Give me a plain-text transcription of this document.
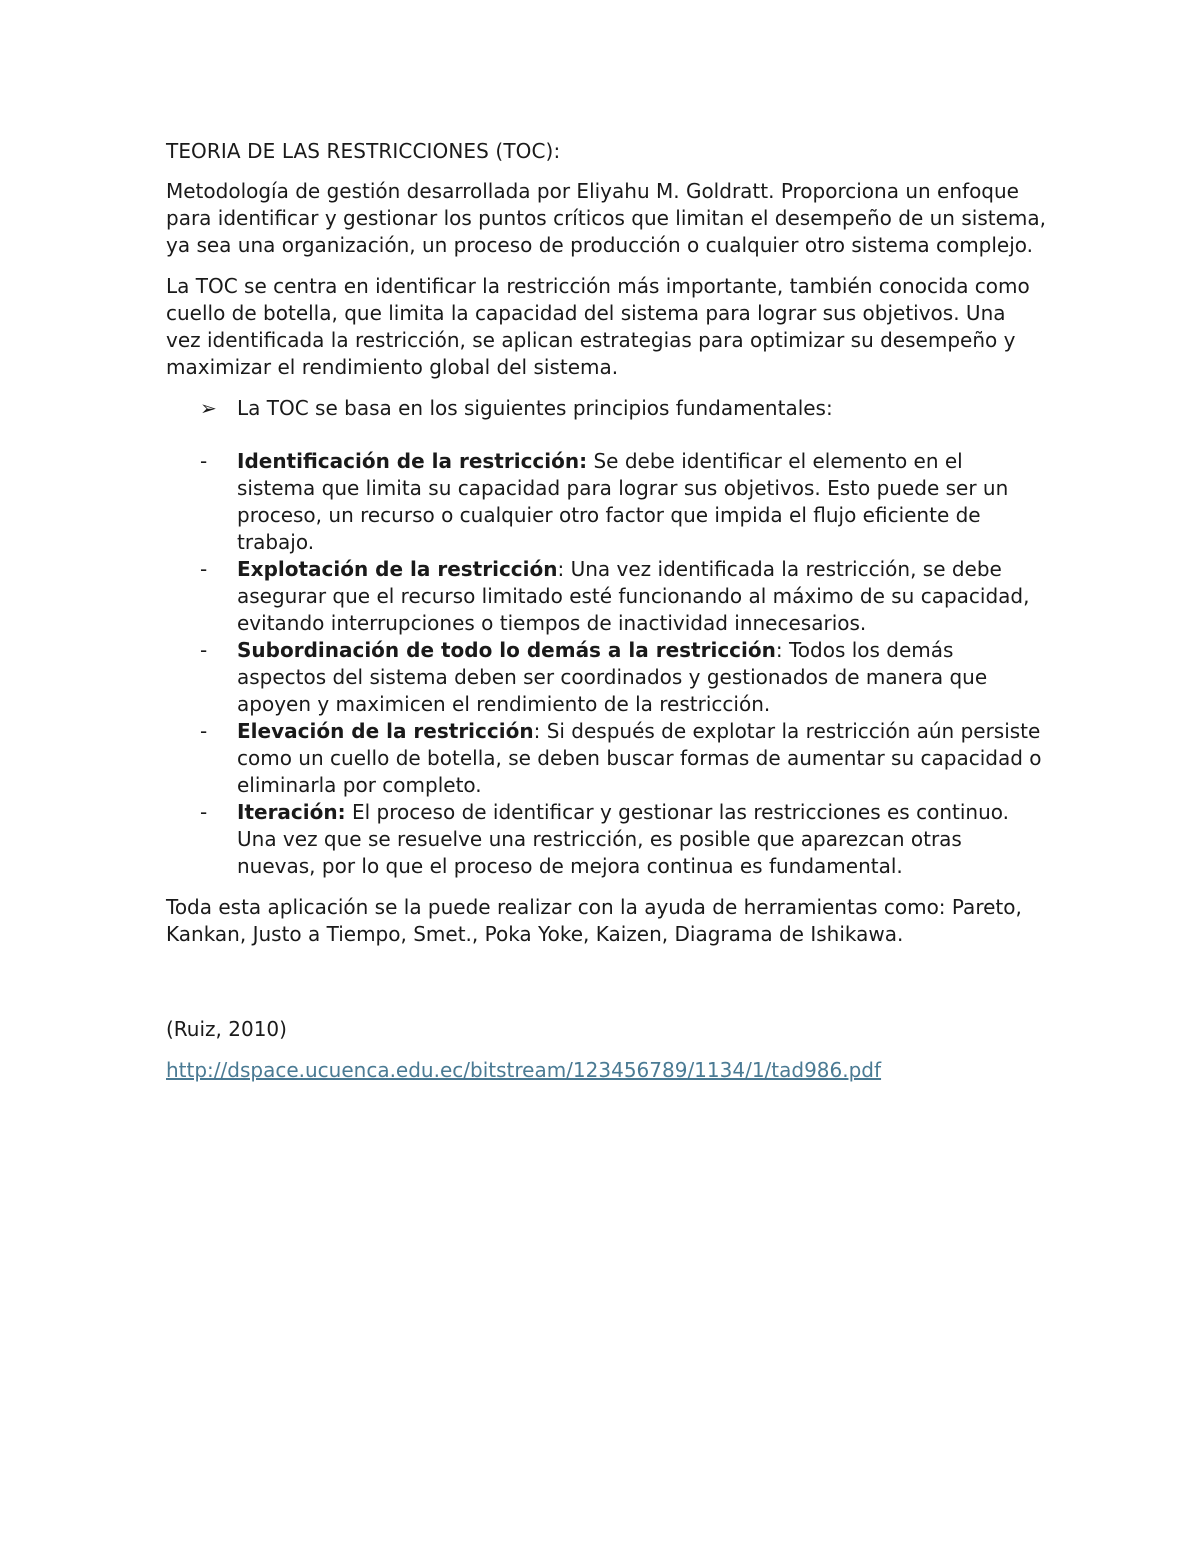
TEORIA DE LAS RESTRICCIONES (TOC):

Metodología de gestión desarrollada por Eliyahu M. Goldratt. Proporciona un enfoque para identificar y gestionar los puntos críticos que limitan el desempeño de un sistema, ya sea una organización, un proceso de producción o cualquier otro sistema complejo.

La TOC se centra en identificar la restricción más importante, también conocida como cuello de botella, que limita la capacidad del sistema para lograr sus objetivos. Una vez identificada la restricción, se aplican estrategias para optimizar su desempeño y maximizar el rendimiento global del sistema.

➢	La TOC se basa en los siguientes principios fundamentales:
-	Identificación de la restricción: Se debe identificar el elemento en el sistema que limita su capacidad para lograr sus objetivos. Esto puede ser un proceso, un recurso o cualquier otro factor que impida el flujo eficiente de trabajo.
-	Explotación de la restricción: Una vez identificada la restricción, se debe asegurar que el recurso limitado esté funcionando al máximo de su capacidad, evitando interrupciones o tiempos de inactividad innecesarios.
-	Subordinación de todo lo demás a la restricción: Todos los demás aspectos del sistema deben ser coordinados y gestionados de manera que apoyen y maximicen el rendimiento de la restricción.
-	Elevación de la restricción: Si después de explotar la restricción aún persiste como un cuello de botella, se deben buscar formas de aumentar su capacidad o eliminarla por completo.
-	Iteración: El proceso de identificar y gestionar las restricciones es continuo. Una vez que se resuelve una restricción, es posible que aparezcan otras nuevas, por lo que el proceso de mejora continua es fundamental.

Toda esta aplicación se la puede realizar con la ayuda de herramientas como: Pareto, Kankan, Justo a Tiempo, Smet., Poka Yoke, Kaizen, Diagrama de Ishikawa.

(Ruiz, 2010)

http://dspace.ucuenca.edu.ec/bitstream/123456789/1134/1/tad986.pdf
